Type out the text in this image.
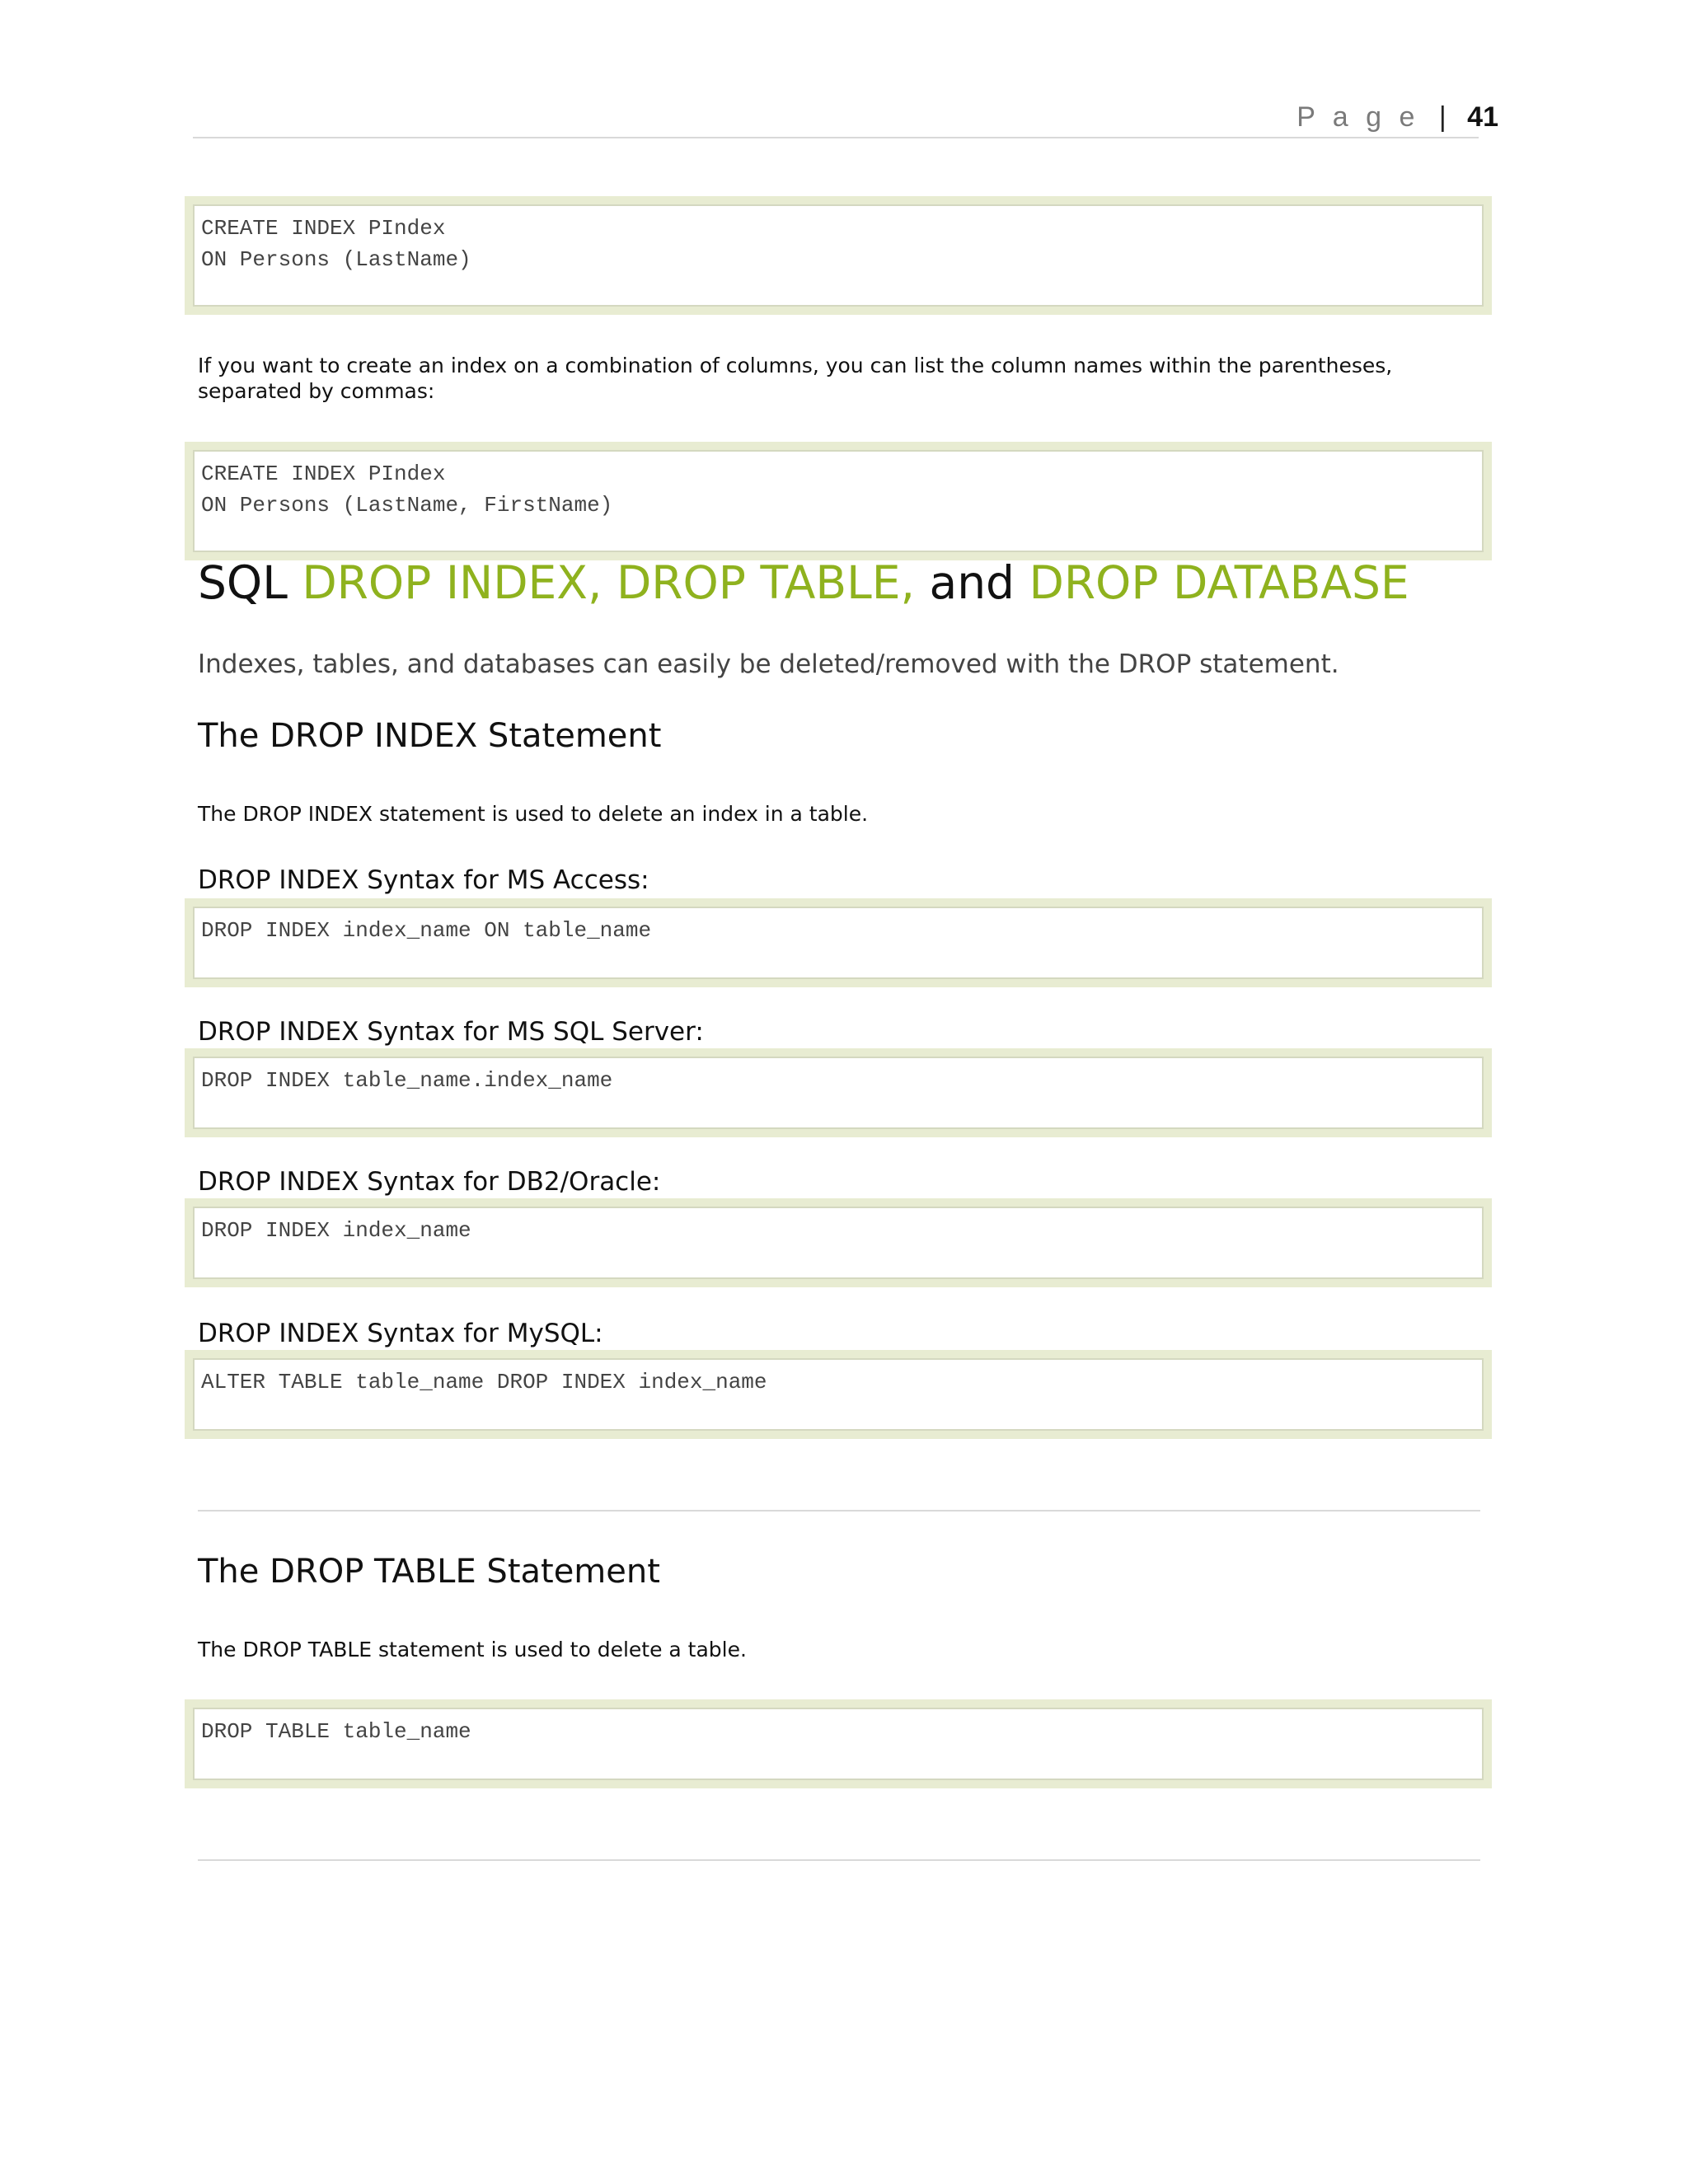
P a g e | 41
CREATE INDEX PIndex
ON Persons (LastName)
If you want to create an index on a combination of columns, you can list the column names within the parentheses, separated by commas:
CREATE INDEX PIndex
ON Persons (LastName, FirstName)
SQL DROP INDEX, DROP TABLE, and DROP DATABASE
Indexes, tables, and databases can easily be deleted/removed with the DROP statement.
The DROP INDEX Statement
The DROP INDEX statement is used to delete an index in a table.
DROP INDEX Syntax for MS Access:
DROP INDEX index_name ON table_name
DROP INDEX Syntax for MS SQL Server:
DROP INDEX table_name.index_name
DROP INDEX Syntax for DB2/Oracle:
DROP INDEX index_name
DROP INDEX Syntax for MySQL:
ALTER TABLE table_name DROP INDEX index_name
The DROP TABLE Statement
The DROP TABLE statement is used to delete a table.
DROP TABLE table_name
